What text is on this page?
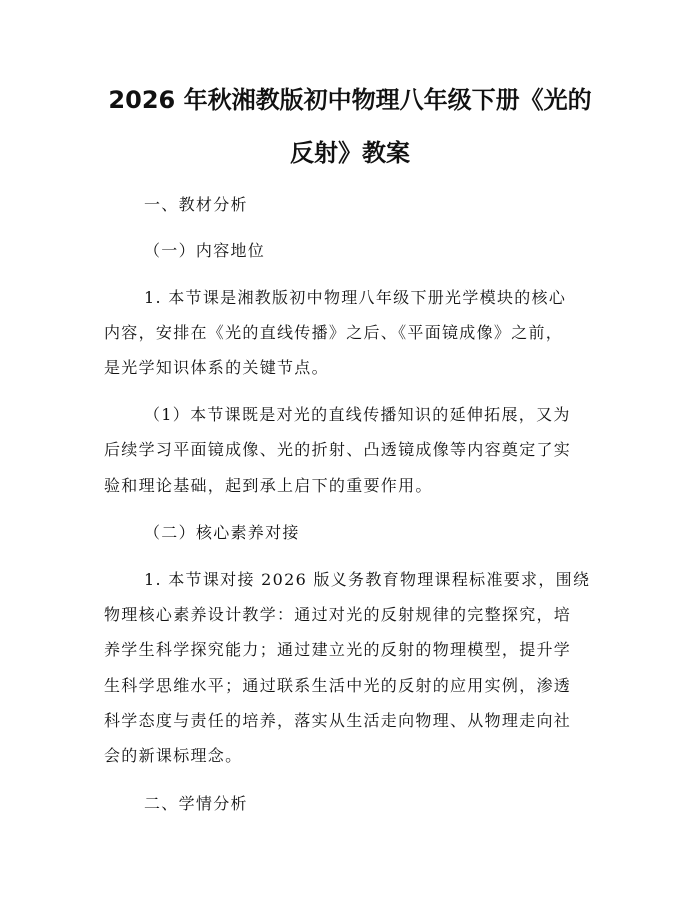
2026 年秋湘教版初中物理八年级下册《光的
反射》教案

一、教材分析

（一）内容地位

1. 本节课是湘教版初中物理八年级下册光学模块的核心

内容，安排在《光的直线传播》之后、《平面镜成像》之前，

是光学知识体系的关键节点。

（1）本节课既是对光的直线传播知识的延伸拓展，又为

后续学习平面镜成像、光的折射、凸透镜成像等内容奠定了实

验和理论基础，起到承上启下的重要作用。

（二）核心素养对接

1. 本节课对接 2026 版义务教育物理课程标准要求，围绕

物理核心素养设计教学：通过对光的反射规律的完整探究，培

养学生科学探究能力；通过建立光的反射的物理模型，提升学

生科学思维水平；通过联系生活中光的反射的应用实例，渗透

科学态度与责任的培养，落实从生活走向物理、从物理走向社

会的新课标理念。

二、学情分析
